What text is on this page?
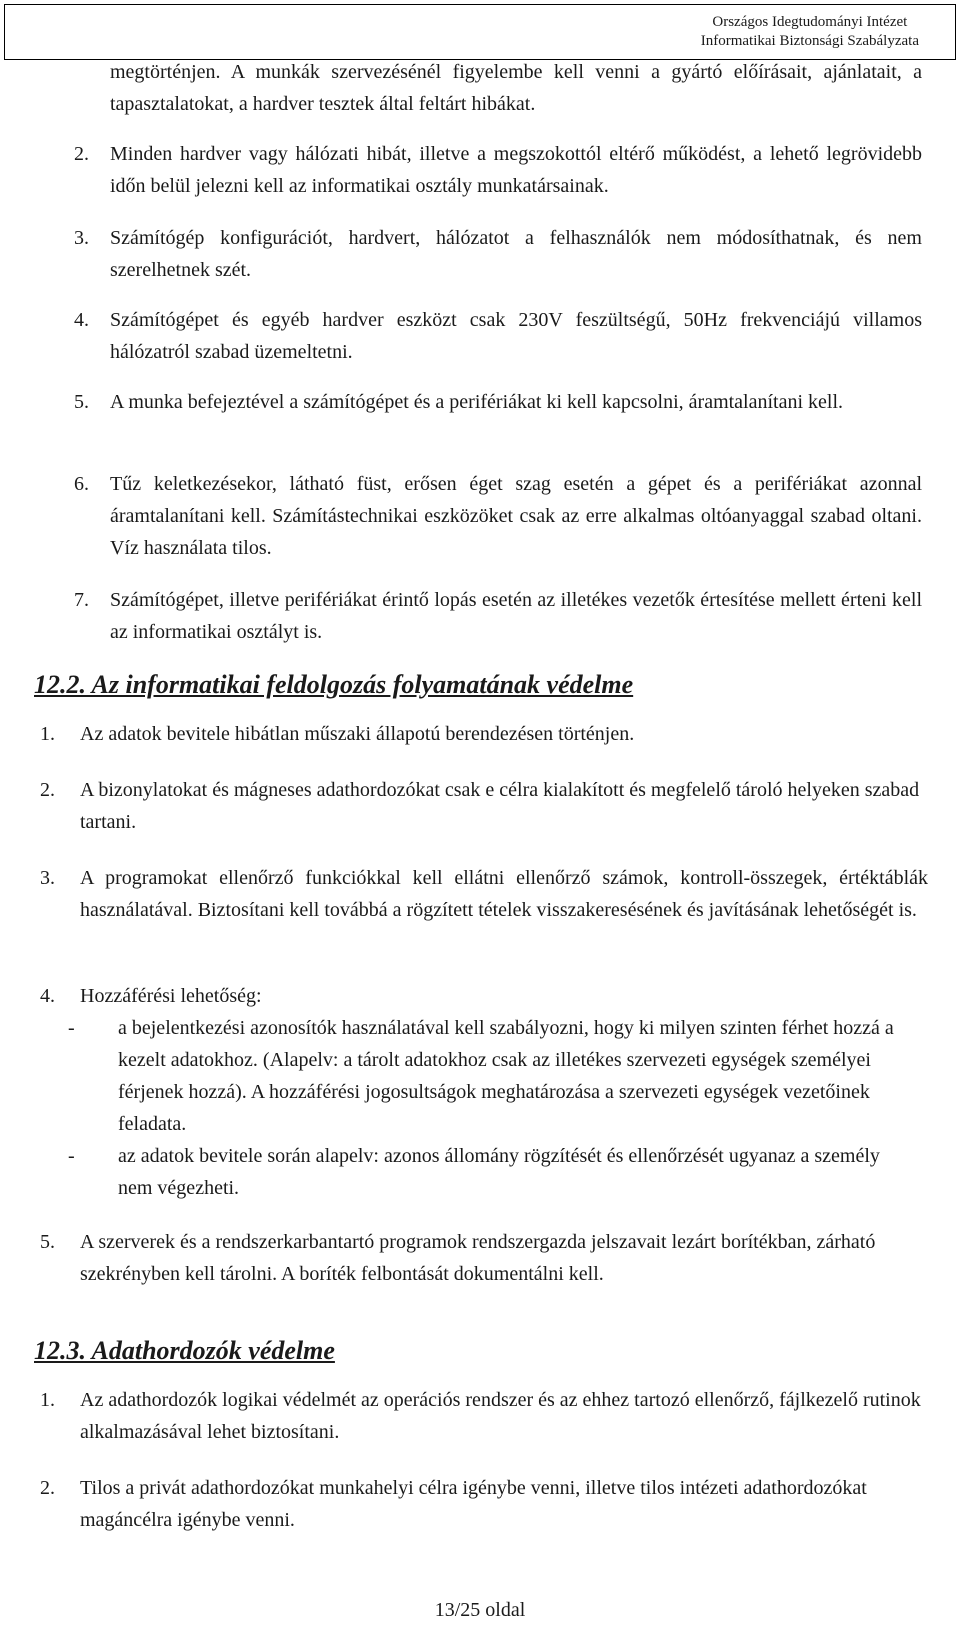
Országos Idegtudományi Intézet
Informatikai Biztonsági Szabályzata
megtörténjen. A munkák szervezésénél figyelembe kell venni a gyártó előírásait, ajánlatait, a tapasztalatokat, a hardver tesztek által feltárt hibákat.
2. Minden hardver vagy hálózati hibát, illetve a megszokottól eltérő működést, a lehető legrövidebb időn belül jelezni kell az informatikai osztály munkatársainak.
3. Számítógép konfigurációt, hardvert, hálózatot a felhasználók nem módosíthatnak, és nem szerelhetnek szét.
4. Számítógépet és egyéb hardver eszközt csak 230V feszültségű, 50Hz frekvenciájú villamos hálózatról szabad üzemeltetni.
5. A munka befejeztével a számítógépet és a perifériákat ki kell kapcsolni, áramtalanítani kell.
6. Tűz keletkezésekor, látható füst, erősen éget szag esetén a gépet és a perifériákat azonnal áramtalanítani kell. Számítástechnikai eszközöket csak az erre alkalmas oltóanyaggal szabad oltani. Víz használata tilos.
7. Számítógépet, illetve perifériákat érintő lopás esetén az illetékes vezetők értesítése mellett érteni kell az informatikai osztályt is.
12.2. Az informatikai feldolgozás folyamatának védelme
1. Az adatok bevitele hibátlan műszaki állapotú berendezésen történjen.
2. A bizonylatokat és mágneses adathordozókat csak e célra kialakított és megfelelő tároló helyeken szabad tartani.
3. A programokat ellenőrző funkciókkal kell ellátni ellenőrző számok, kontroll-összegek, értéktáblák használatával. Biztosítani kell továbbá a rögzített tételek visszakeresésének és javításának lehetőségét is.
4. Hozzáférési lehetőség:
- a bejelentkezési azonosítók használatával kell szabályozni, hogy ki milyen szinten férhet hozzá a kezelt adatokhoz. (Alapelv: a tárolt adatokhoz csak az illetékes szervezeti egységek személyei férjenek hozzá). A hozzáférési jogosultságok meghatározása a szervezeti egységek vezetőinek feladata.
- az adatok bevitele során alapelv: azonos állomány rögzítését és ellenőrzését ugyanaz a személy nem végezheti.
5. A szerverek és a rendszerkarbantartó programok rendszergazda jelszavait lezárt borítékban, zárható szekrényben kell tárolni. A boríték felbontását dokumentálni kell.
12.3. Adathordozók védelme
1. Az adathordozók logikai védelmét az operációs rendszer és az ehhez tartozó ellenőrző, fájlkezelő rutinok alkalmazásával lehet biztosítani.
2. Tilos a privát adathordozókat munkahelyi célra igénybe venni, illetve tilos intézeti adathordozókat magáncélra igénybe venni.
13/25 oldal
